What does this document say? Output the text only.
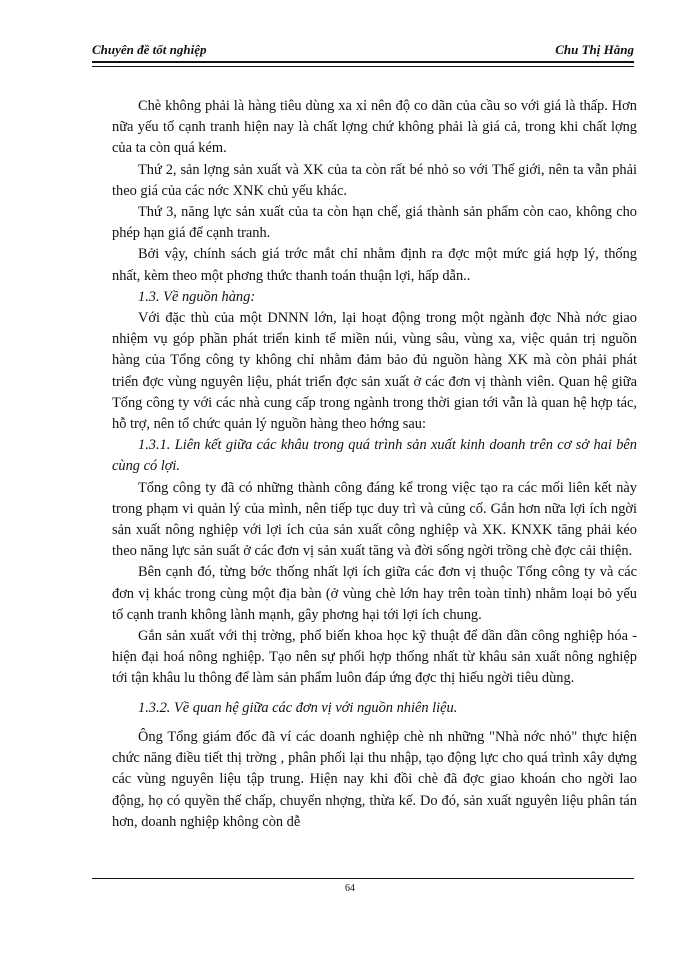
Chuyên đề tốt nghiệp	Chu Thị Hằng

Chè không phải là hàng tiêu dùng xa xỉ nên độ co dãn của cầu so với giá là thấp. Hơn nữa yếu tố cạnh tranh hiện nay là chất lợng chứ không phải là giá cả, trong khi chất lợng của ta còn quá kém.

Thứ 2, sản lợng sản xuất và XK của ta còn rất bé nhỏ so với Thế giới, nên ta vẫn phải theo giá của các nớc XNK chủ yếu khác.

Thứ 3, năng lực sản xuất của ta còn hạn chế, giá thành sản phẩm còn cao, không cho phép hạn giá để cạnh tranh.

Bởi vậy, chính sách giá trớc mắt chỉ nhằm định ra đợc một mức giá hợp lý, thống nhất, kèm theo một phơng thức thanh toán thuận lợi, hấp dẫn..

1.3. Về nguồn hàng:

Với đặc thù của một DNNN lớn, lại hoạt động trong một ngành đợc Nhà nớc giao nhiệm vụ góp phần phát triển kinh tế miền núi, vùng sâu, vùng xa, việc quản trị nguồn hàng của Tổng công ty không chỉ nhằm đảm bảo đủ nguồn hàng XK mà còn phải phát triển đợc vùng nguyên liệu, phát triển đợc sản xuất ở các đơn vị thành viên. Quan hệ giữa Tổng công ty với các nhà cung cấp trong ngành trong thời gian tới vẫn là quan hệ hợp tác, hỗ trợ, nên tổ chức quản lý nguồn hàng theo hớng sau:

1.3.1. Liên kết giữa các khâu trong quá trình sản xuất kinh doanh trên cơ sở hai bên cùng có lợi.

Tổng công ty đã có những thành công đáng kể trong việc tạo ra các mối liên kết này trong phạm vi quản lý của mình, nên tiếp tục duy trì và củng cố. Gắn hơn nữa lợi ích ngời sản xuất nông nghiệp với lợi ích của sản xuất công nghiệp và XK. KNXK tăng phải kéo theo năng lực sản suất ở các đơn vị sản xuất tăng và đời sống ngời trồng chè đợc cải thiện.

Bên cạnh đó, từng bớc thống nhất lợi ích giữa các đơn vị thuộc Tổng công ty và các đơn vị khác trong cùng một địa bàn (ở vùng chè lớn hay trên toàn tỉnh) nhằm loại bỏ yếu tố cạnh tranh không lành mạnh, gây phơng hại tới lợi ích chung.

Gắn sản xuất với thị trờng, phổ biến khoa học kỹ thuật để dần dần công nghiệp hóa - hiện đại hoá nông nghiệp. Tạo nên sự phối hợp thống nhất từ khâu sản xuất nông nghiệp tới tận khâu lu thông để làm sản phẩm luôn đáp ứng đợc thị hiếu ngời tiêu dùng.

1.3.2. Về quan hệ giữa các đơn vị với nguồn nhiên liệu.

Ông Tổng giám đốc đã ví các doanh nghiệp chè nh những "Nhà nớc nhỏ" thực hiện chức năng điều tiết thị trờng , phân phối lại thu nhập, tạo động lực cho quá trình xây dựng các vùng nguyên liệu tập trung. Hiện nay khi đồi chè đã đợc giao khoán cho ngời lao động, họ có quyền thế chấp, chuyển nhợng, thừa kế. Do đó, sản xuất nguyên liệu phân tán hơn, doanh nghiệp không còn dễ

64
